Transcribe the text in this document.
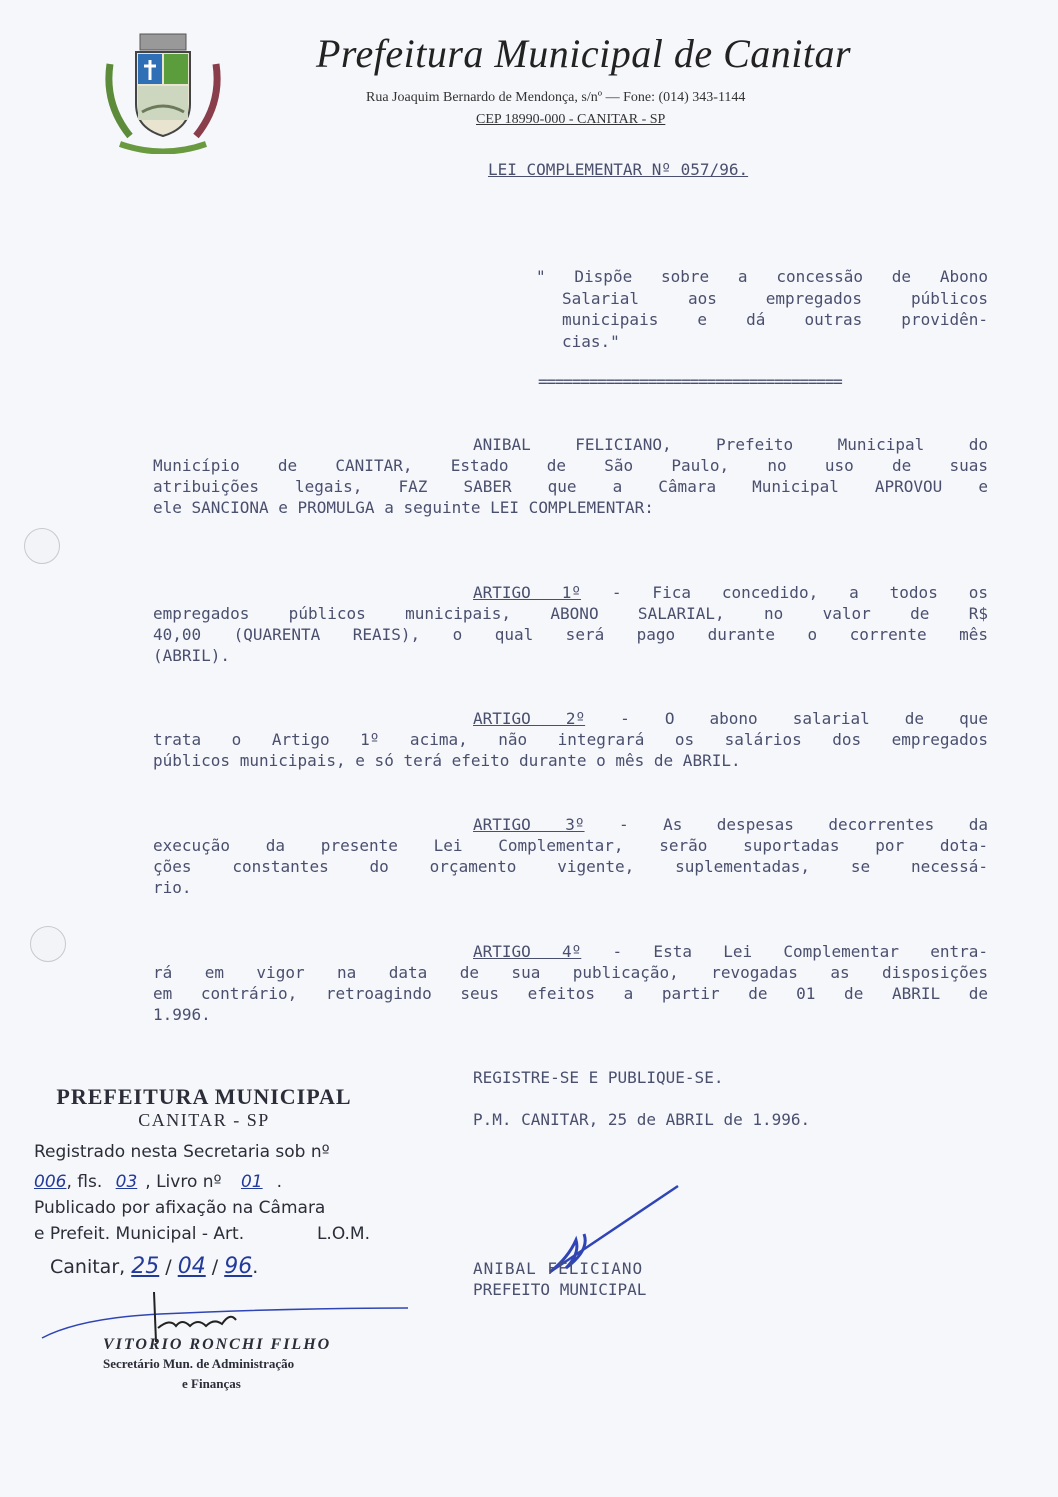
Prefeitura Municipal de Canitar
Rua Joaquim Bernardo de Mendonça, s/nº — Fone: (014) 343-1144
CEP 18990-000 - CANITAR - SP
LEI COMPLEMENTAR Nº 057/96.

" Dispõe sobre a concessão de Abono

Salarial aos empregados públicos

municipais e dá outras providên-

cias."

====================================

ANIBAL FELICIANO, Prefeito Municipal do

Município de CANITAR, Estado de São Paulo, no uso de suas

atribuições legais, FAZ SABER que a Câmara Municipal APROVOU e

ele SANCIONA e PROMULGA a seguinte LEI COMPLEMENTAR:

ARTIGO 1º - Fica concedido, a todos os

empregados públicos municipais, ABONO SALARIAL, no valor de R$

40,00 (QUARENTA REAIS), o qual será pago durante o corrente mês

(ABRIL).

ARTIGO 2º - O abono salarial de que

trata o Artigo 1º acima, não integrará os salários dos empregados

públicos municipais, e só terá efeito durante o mês de ABRIL.

ARTIGO 3º - As despesas decorrentes da

execução da presente Lei Complementar, serão suportadas por dota-

ções constantes do orçamento vigente, suplementadas, se necessá-

rio.

ARTIGO 4º - Esta Lei Complementar entra-

rá em vigor na data de sua publicação, revogadas as disposições

em contrário, retroagindo seus efeitos a partir de 01 de ABRIL de

1.996.

REGISTRE-SE E PUBLIQUE-SE.
P.M. CANITAR, 25 de ABRIL de 1.996.
ANIBAL FELICIANO
PREFEITO MUNICIPAL
PREFEITURA MUNICIPAL
CANITAR - SP
Registrado nesta Secretaria sob nº
006, fls. 03 , Livro nº 01 .
Publicado por afixação na Câmara
e Prefeit. Municipal - Art.	L.O.M.
Canitar, 25 / 04 / 96.
VITORIO RONCHI FILHO
Secretário Mun. de Administração
e Finanças
